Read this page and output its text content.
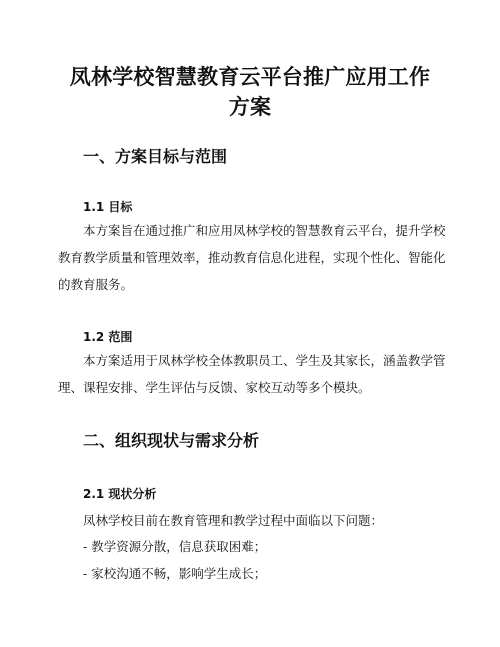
凤林学校智慧教育云平台推广应用工作方案
一、方案目标与范围
1.1 目标

本方案旨在通过推广和应用凤林学校的智慧教育云平台，提升学校教育教学质量和管理效率，推动教育信息化进程，实现个性化、智能化的教育服务。

1.2 范围

本方案适用于凤林学校全体教职员工、学生及其家长，涵盖教学管理、课程安排、学生评估与反馈、家校互动等多个模块。

二、组织现状与需求分析
2.1 现状分析

凤林学校目前在教育管理和教学过程中面临以下问题：

- 教学资源分散，信息获取困难；

- 家校沟通不畅，影响学生成长；
